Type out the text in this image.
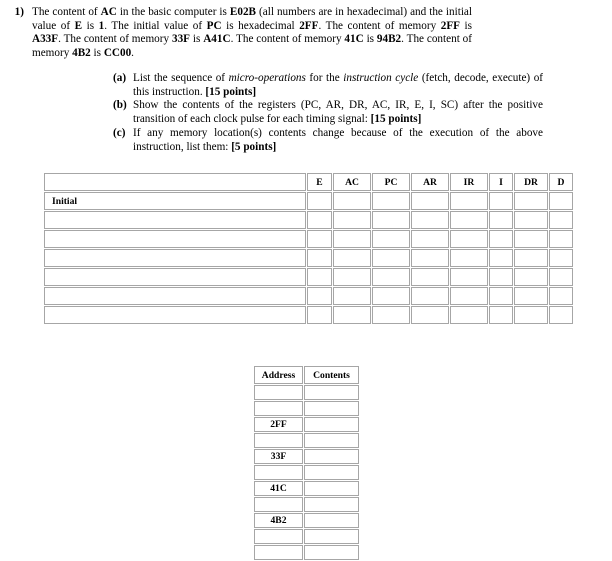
1) The content of AC in the basic computer is E02B (all numbers are in hexadecimal) and the initial value of E is 1. The initial value of PC is hexadecimal 2FF. The content of memory 2FF is A33F. The content of memory 33F is A41C. The content of memory 41C is 94B2. The content of memory 4B2 is CC00.
(a) List the sequence of micro-operations for the instruction cycle (fetch, decode, execute) of this instruction. [15 points]
(b) Show the contents of the registers (PC, AR, DR, AC, IR, E, I, SC) after the positive transition of each clock pulse for each timing signal: [15 points]
(c) If any memory location(s) contents change because of the execution of the above instruction, list them: [5 points]
	E	AC	PC	AR	IR	I	DR	D
Initial								

Address	Contents

2FF	

33F	

41C	

4B2	
